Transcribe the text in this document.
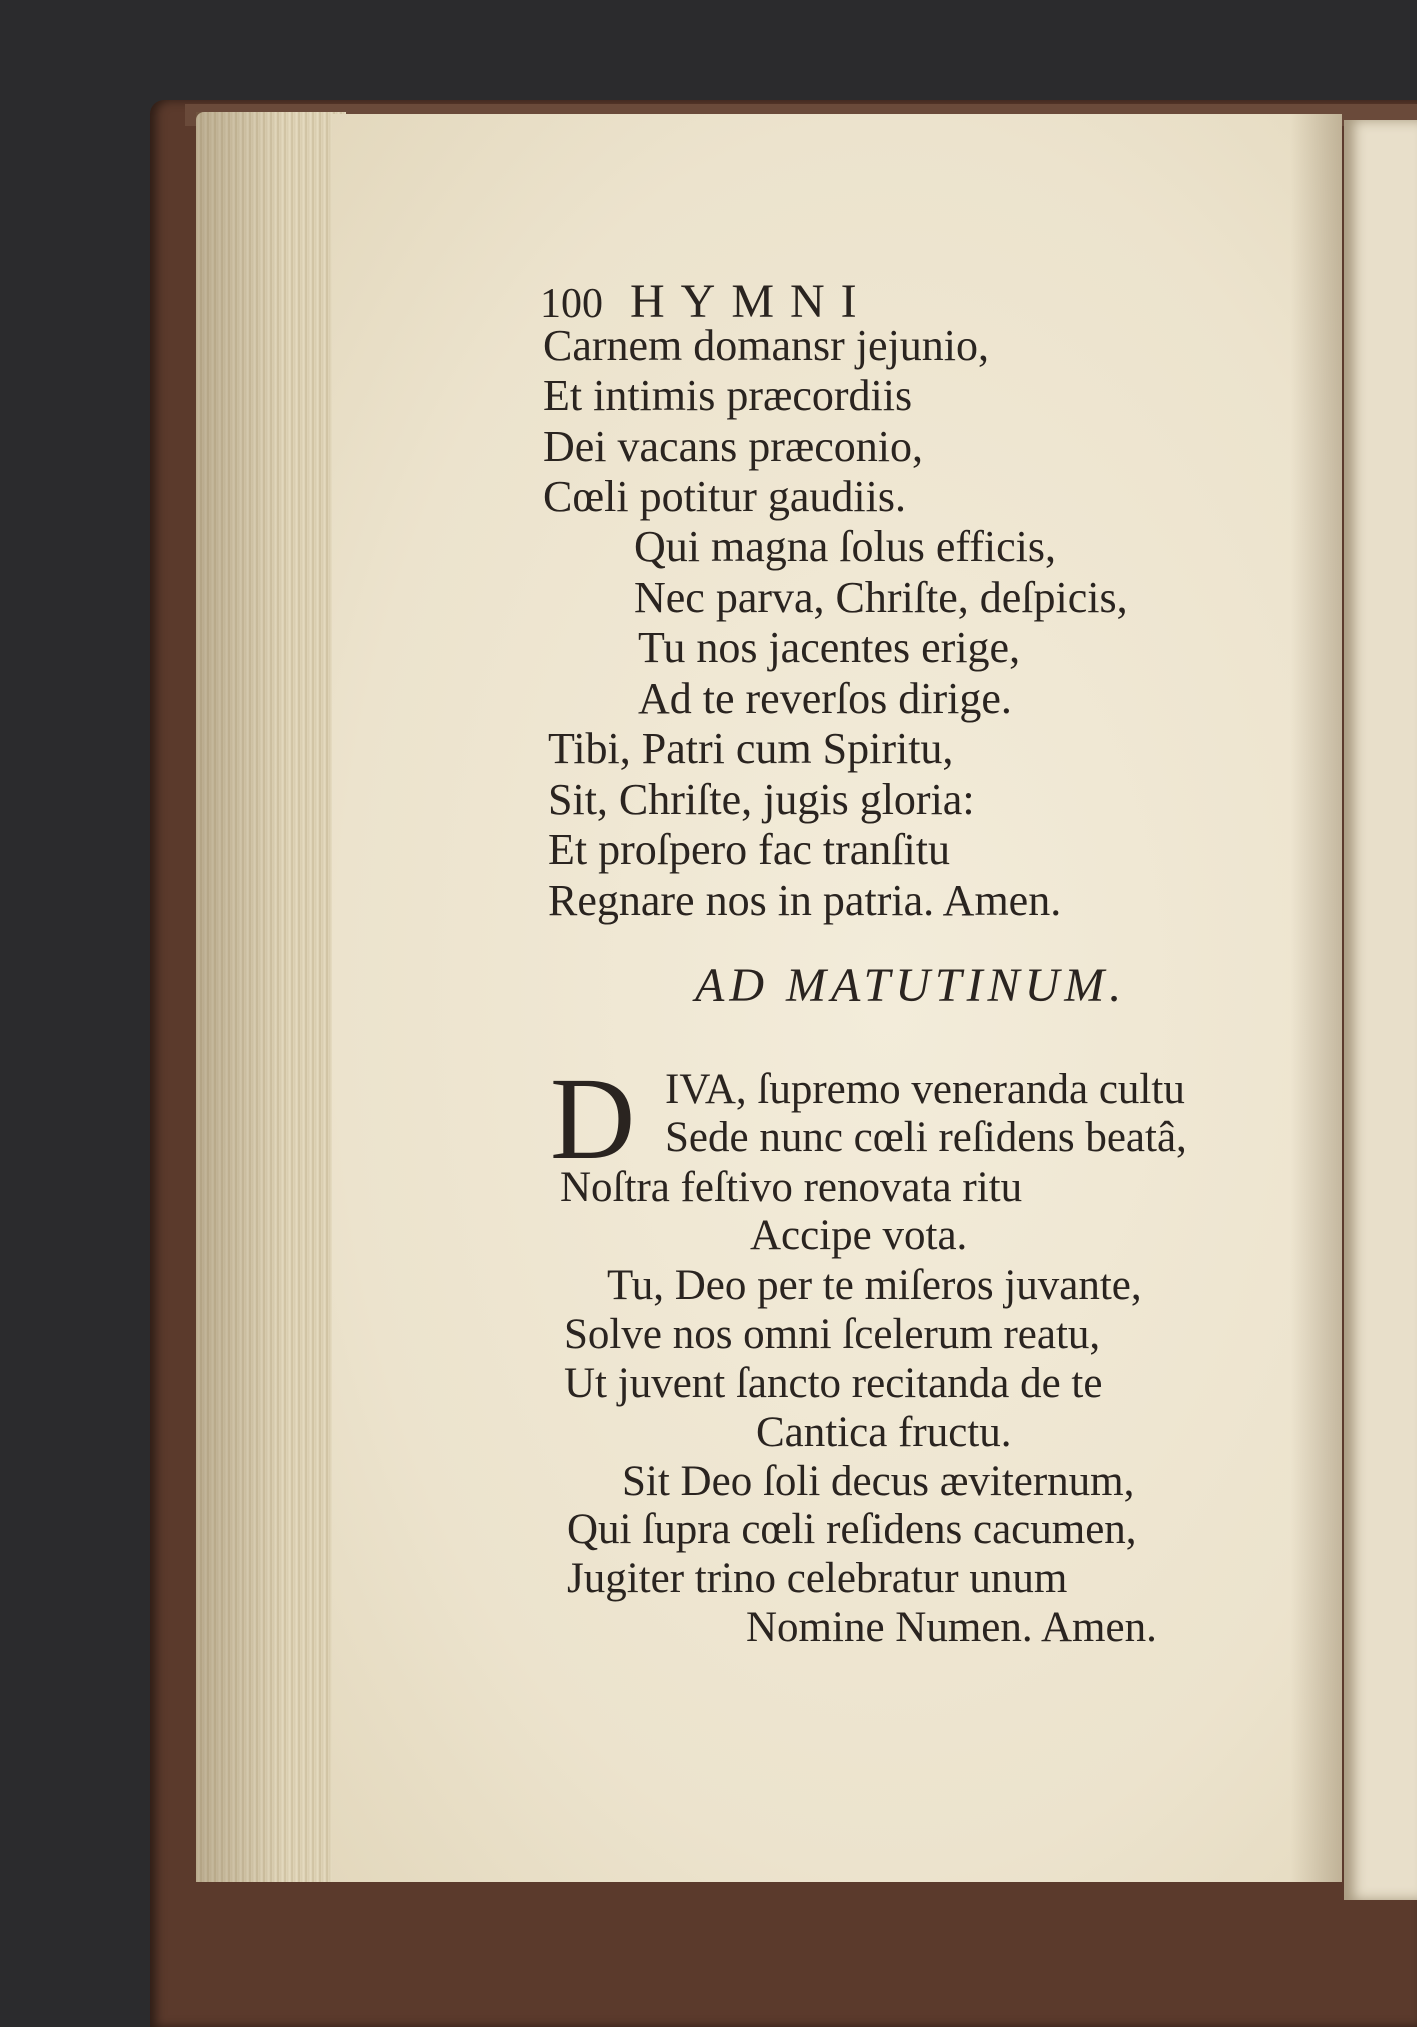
100 HYMNI
Carnem domansr jejunio,
Et intimis præcordiis
Dei vacans præconio,
Cœli potitur gaudiis.
Qui magna ſolus efficis,
Nec parva, Chriſte, deſpicis,
Tu nos jacentes erige,
Ad te reverſos dirige.
Tibi, Patri cum Spiritu,
Sit, Chriſte, jugis gloria:
Et proſpero fac tranſitu
Regnare nos in patria. Amen.
AD MATUTINUM.
D IVA, ſupremo veneranda cultu
Sede nunc cœli reſidens beatâ,
Noſtra feſtivo renovata ritu
Accipe vota.
Tu, Deo per te miſeros juvante,
Solve nos omni ſcelerum reatu,
Ut juvent ſancto recitanda de te
Cantica fructu.
Sit Deo ſoli decus æviternum,
Qui ſupra cœli reſidens cacumen,
Jugiter trino celebratur unum
Nomine Numen. Amen.
